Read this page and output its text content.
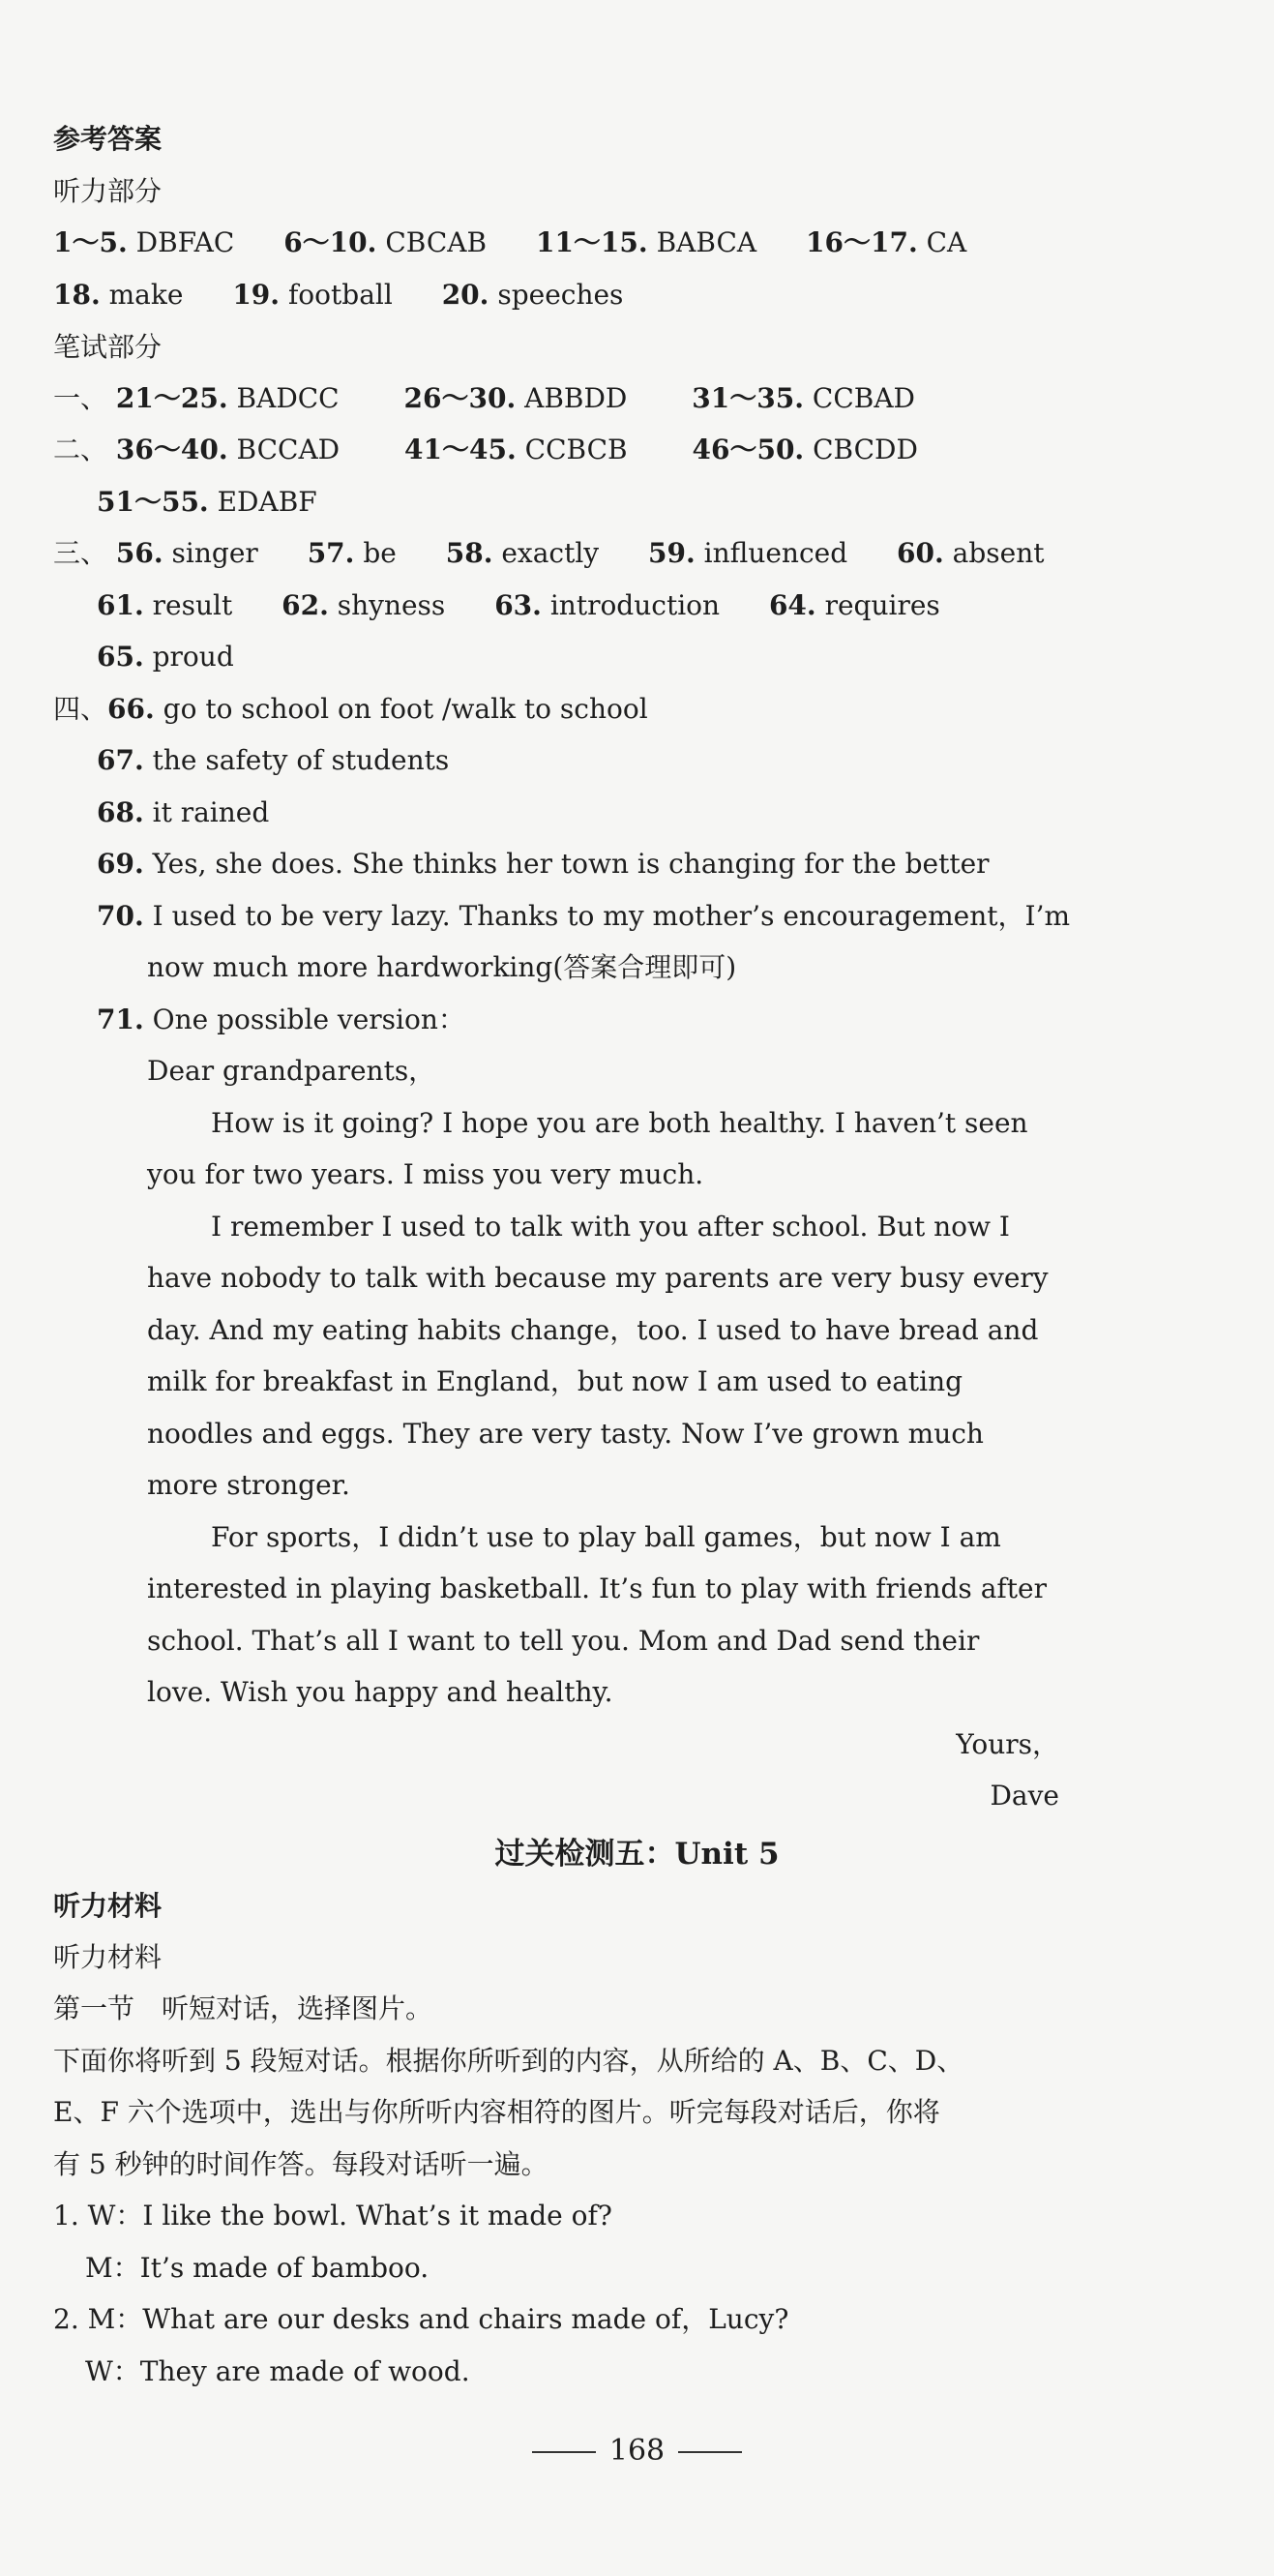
参考答案
听力部分
1～5. DBFAC 6～10. CBCAB 11～15. BABCA 16～17. CA
18. make 19. football 20. speeches
笔试部分
一、 21～25. BADCC 26～30. ABBDD 31～35. CCBAD
二、 36～40. BCCAD 41～45. CCBCB 46～50. CBCDD
51～55. EDABF
三、 56. singer 57. be 58. exactly 59. influenced 60. absent
61. result 62. shyness 63. introduction 64. requires
65. proud
四、66. go to school on foot /walk to school
67. the safety of students
68. it rained
69. Yes, she does. She thinks her town is changing for the better
70. I used to be very lazy. Thanks to my mother’s encouragement，I’m
now much more hardworking(答案合理即可)
71. One possible version：
Dear grandparents，
How is it going? I hope you are both healthy. I haven’t seen
you for two years. I miss you very much.
I remember I used to talk with you after school. But now I
have nobody to talk with because my parents are very busy every
day. And my eating habits change，too. I used to have bread and
milk for breakfast in England，but now I am used to eating
noodles and eggs. They are very tasty. Now I’ve grown much
more stronger.
For sports，I didn’t use to play ball games，but now I am
interested in playing basketball. It’s fun to play with friends after
school. That’s all I want to tell you. Mom and Dad send their
love. Wish you happy and healthy.
Yours，
Dave
过关检测五：Unit 5
听力材料
听力材料
第一节　听短对话，选择图片。
下面你将听到 5 段短对话。根据你所听到的内容，从所给的 A、B、C、D、
E、F 六个选项中，选出与你所听内容相符的图片。听完每段对话后，你将
有 5 秒钟的时间作答。每段对话听一遍。
1. W：I like the bowl. What’s it made of?
M：It’s made of bamboo.
2. M：What are our desks and chairs made of，Lucy?
W：They are made of wood.
168
